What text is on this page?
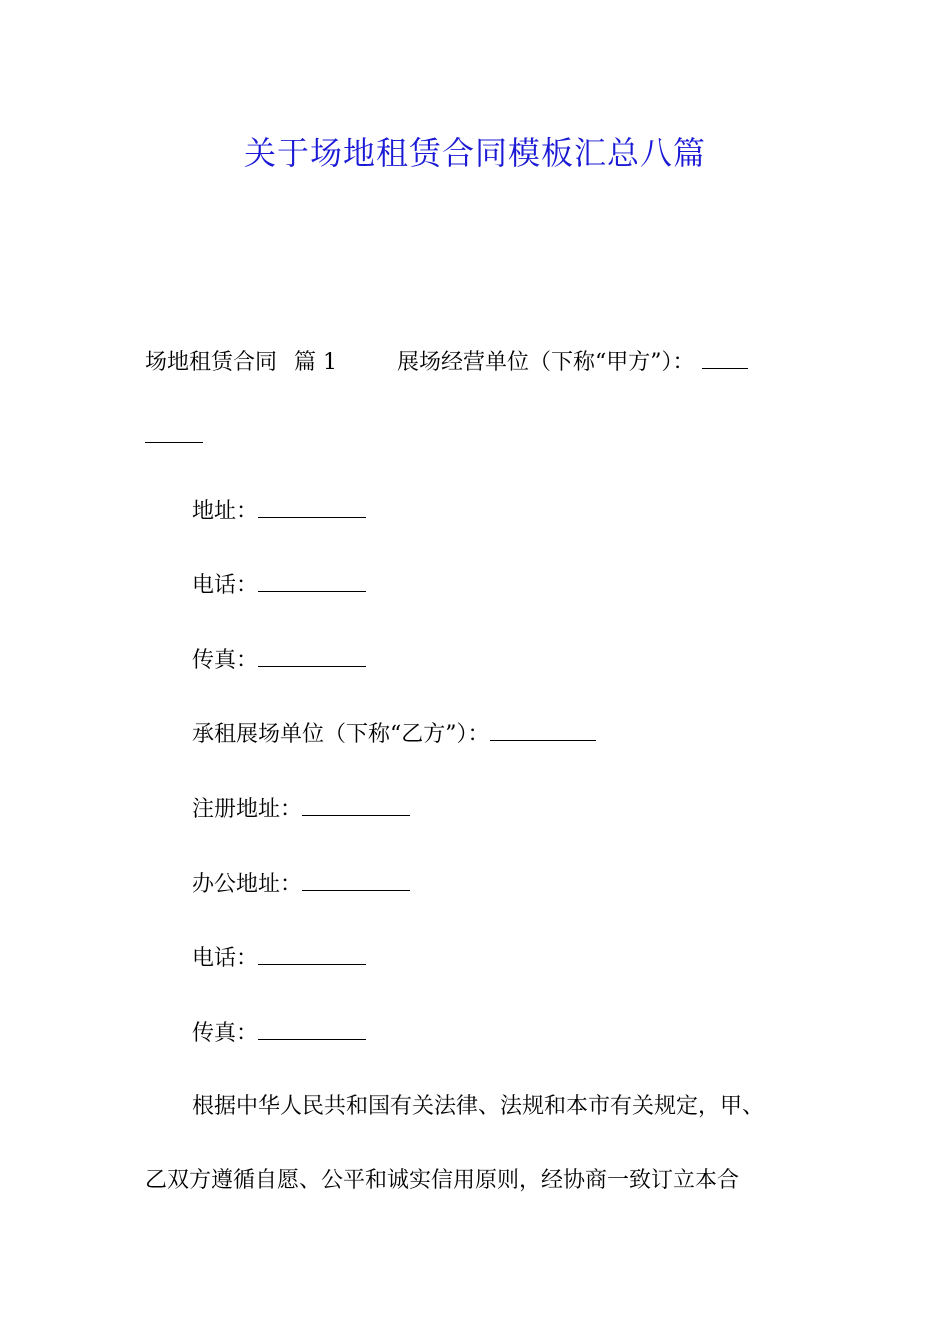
关于场地租赁合同模板汇总八篇
场地租赁合同 篇 1	展场经营单位（下称“甲方”）：
地址：
电话：
传真：
承租展场单位（下称“乙方”）：
注册地址：
办公地址：
电话：
传真：
根据中华人民共和国有关法律、法规和本市有关规定，甲、
乙双方遵循自愿、公平和诚实信用原则，经协商一致订立本合
